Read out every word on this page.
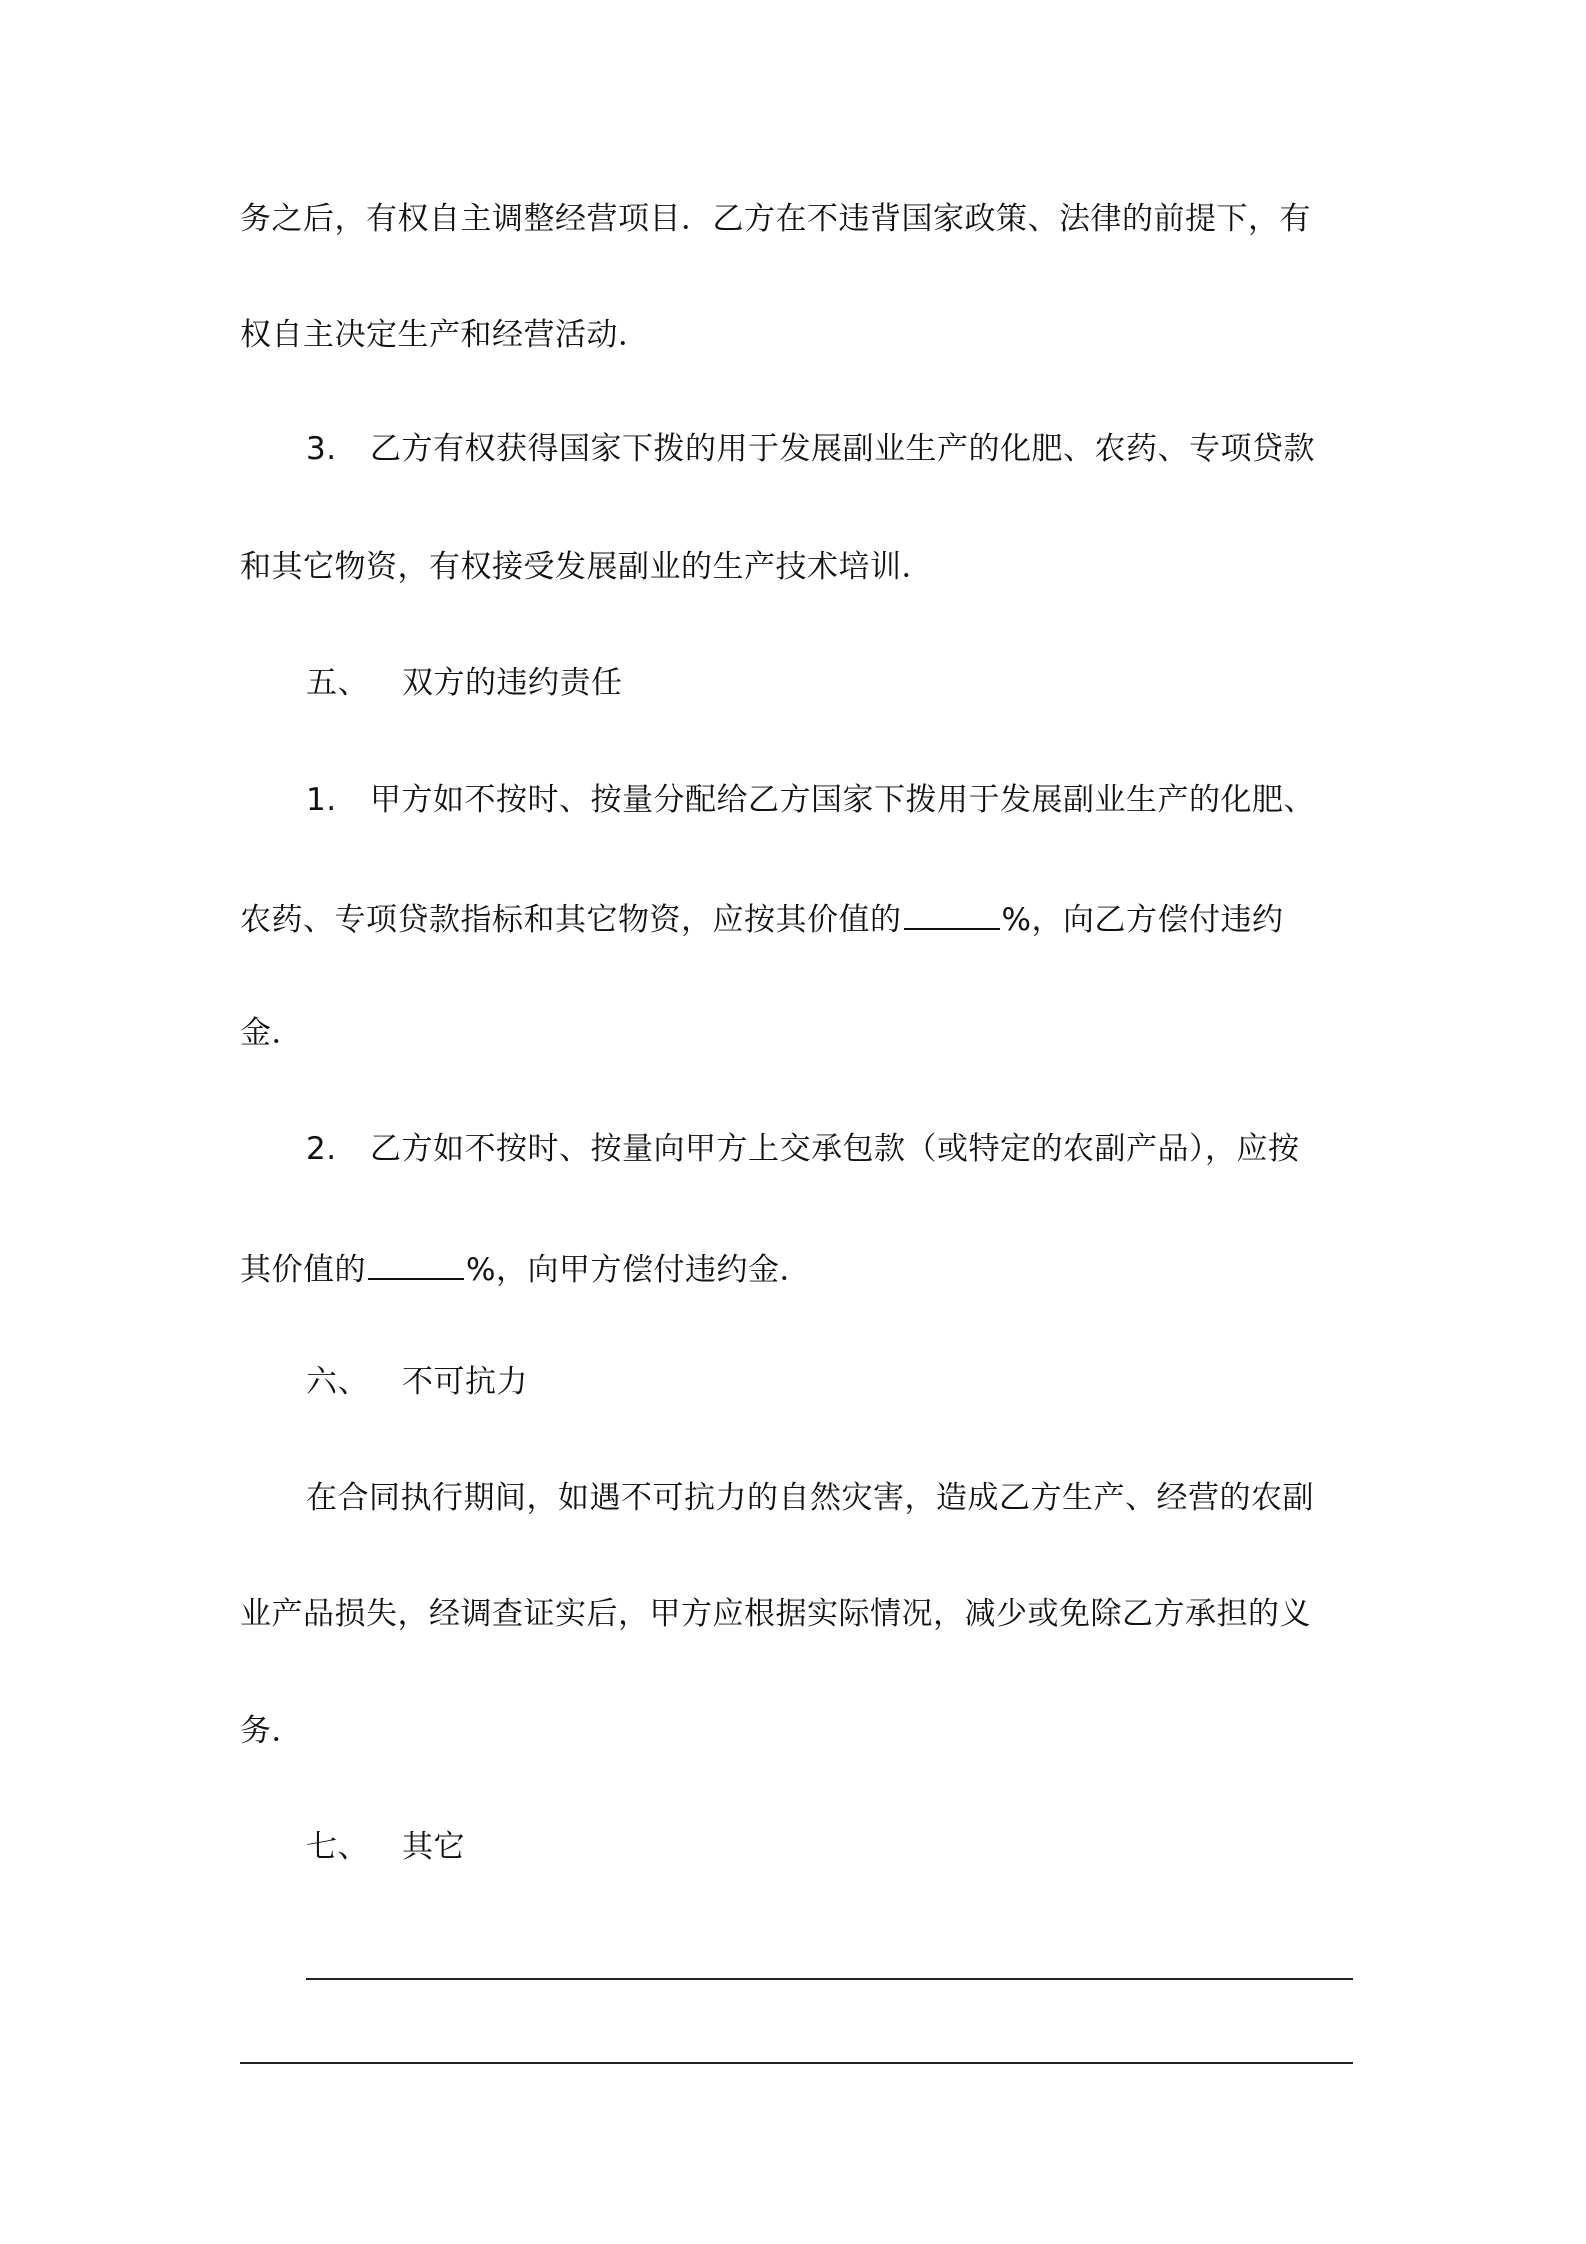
务之后，有权自主调整经营项目．乙方在不违背国家政策、法律的前提下，有
权自主决定生产和经营活动．
3. 乙方有权获得国家下拨的用于发展副业生产的化肥、农药、专项贷款
和其它物资，有权接受发展副业的生产技术培训．
五、 双方的违约责任
1. 甲方如不按时、按量分配给乙方国家下拨用于发展副业生产的化肥、
农药、专项贷款指标和其它物资，应按其价值的	%，向乙方偿付违约
金．
2. 乙方如不按时、按量向甲方上交承包款（或特定的农副产品），应按
其价值的	%，向甲方偿付违约金．
六、 不可抗力
在合同执行期间，如遇不可抗力的自然灾害，造成乙方生产、经营的农副
业产品损失，经调查证实后，甲方应根据实际情况，减少或免除乙方承担的义
务．
七、 其它
